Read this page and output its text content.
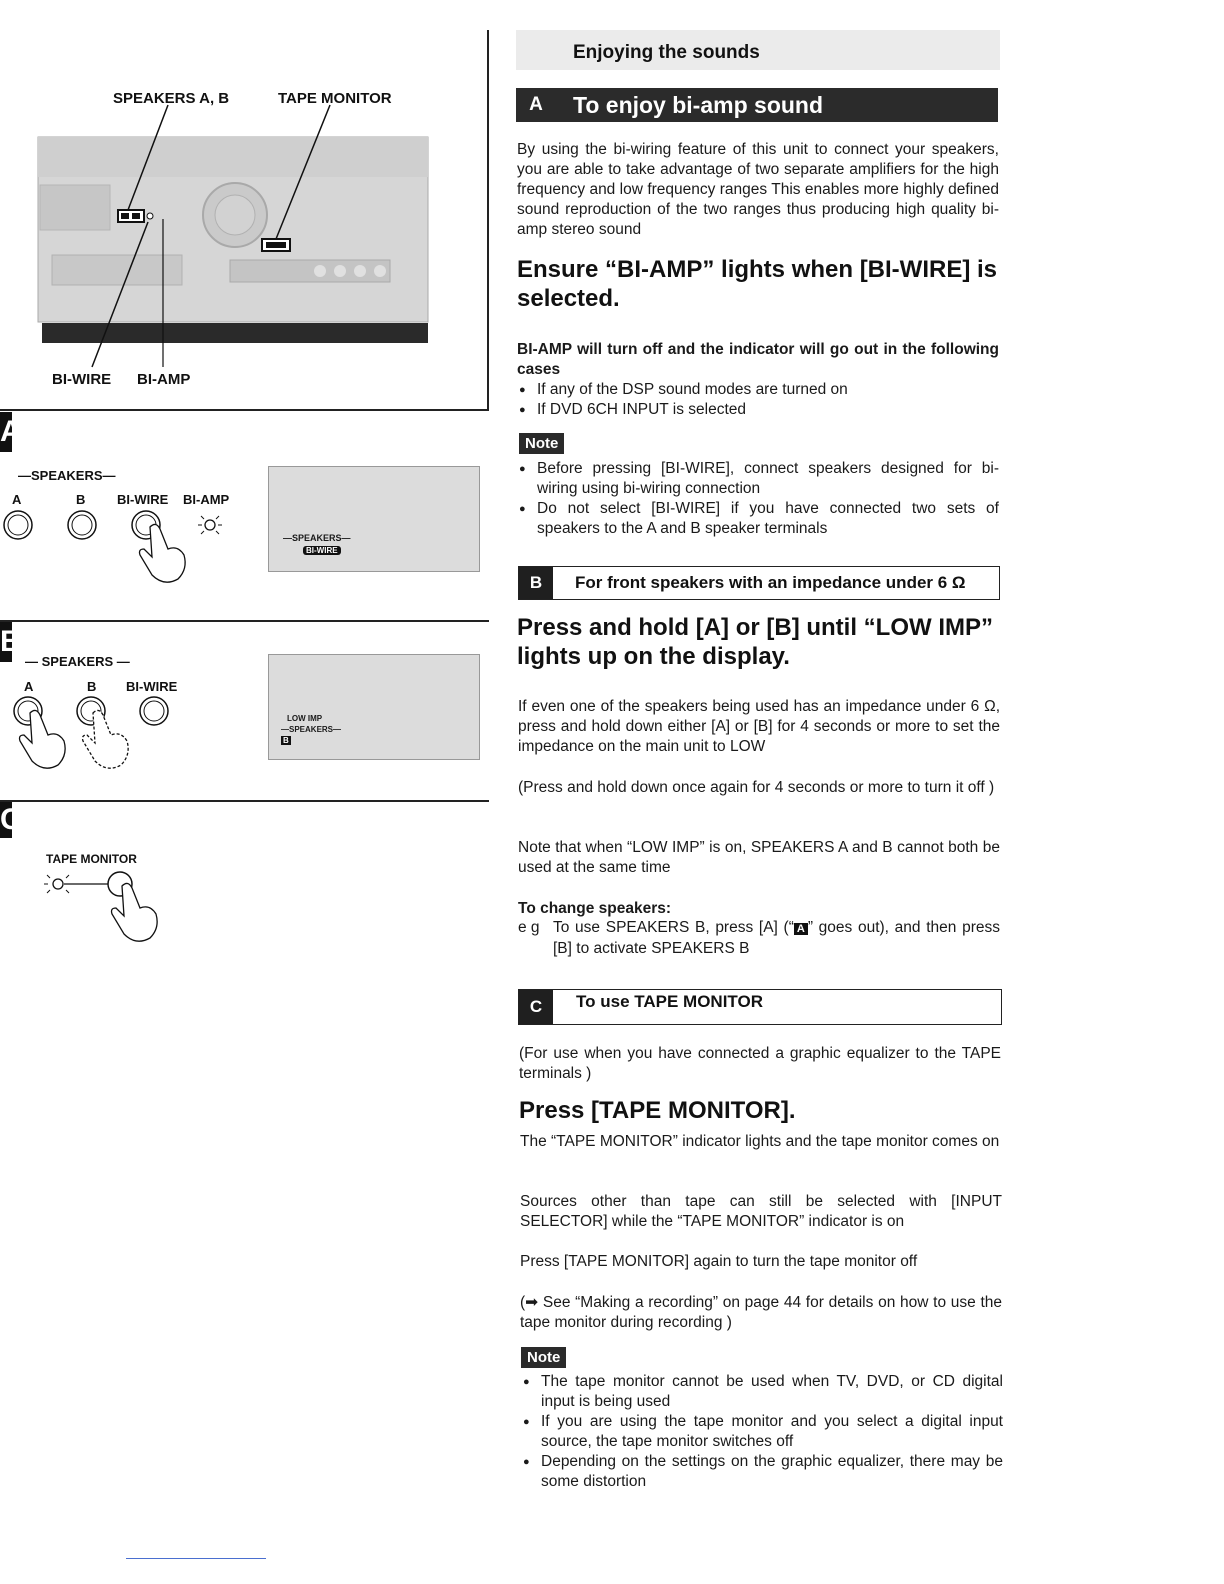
SPEAKERS A, B	TAPE MONITOR
BI-WIRE BI-AMP
A
—SPEAKERS—
A	B BI-WIRE BI-AMP
—SPEAKERS—
BI-WIRE
B
— SPEAKERS —
A	B BI-WIRE
LOW IMP
—SPEAKERS—
B
C
TAPE MONITOR
Enjoying the sounds
A	To enjoy bi-amp sound

By using the bi-wiring feature of this unit to connect your speakers, you are able to take advantage of two separate amplifiers for the high frequency and low frequency ranges This enables more highly defined sound reproduction of the two ranges thus producing high quality bi-amp stereo sound

Ensure “BI-AMP” lights when [BI-WIRE] is selected.

BI-AMP will turn off and the indicator will go out in the following cases

● If any of the DSP sound modes are turned on
● If DVD 6CH INPUT is selected
Note
● Before pressing [BI-WIRE], connect speakers designed for bi-wiring using bi-wiring connection
● Do not select [BI-WIRE] if you have connected two sets of speakers to the A and B speaker terminals
B	For front speakers with an impedance under 6 Ω
Press and hold [A] or [B] until “LOW IMP” lights up on the display.

If even one of the speakers being used has an impedance under 6 Ω, press and hold down either [A] or [B] for 4 seconds or more to set the impedance on the main unit to LOW

(Press and hold down once again for 4 seconds or more to turn it off )

Note that when “LOW IMP” is on, SPEAKERS A and B cannot both be used at the same time

To change speakers:

e g To use SPEAKERS B, press [A] (“ A ” goes out), and then press [B] to activate SPEAKERS B
C	To use TAPE MONITOR

(For use when you have connected a graphic equalizer to the TAPE terminals )

Press [TAPE MONITOR].

The “TAPE MONITOR” indicator lights and the tape monitor comes on

Sources other than tape can still be selected with [INPUT SELECTOR] while the “TAPE MONITOR” indicator is on

Press [TAPE MONITOR] again to turn the tape monitor off

(➡ See “Making a recording” on page 44 for details on how to use the tape monitor during recording )

Note
● The tape monitor cannot be used when TV, DVD, or CD digital input is being used
● If you are using the tape monitor and you select a digital input source, the tape monitor switches off
● Depending on the settings on the graphic equalizer, there may be some distortion
